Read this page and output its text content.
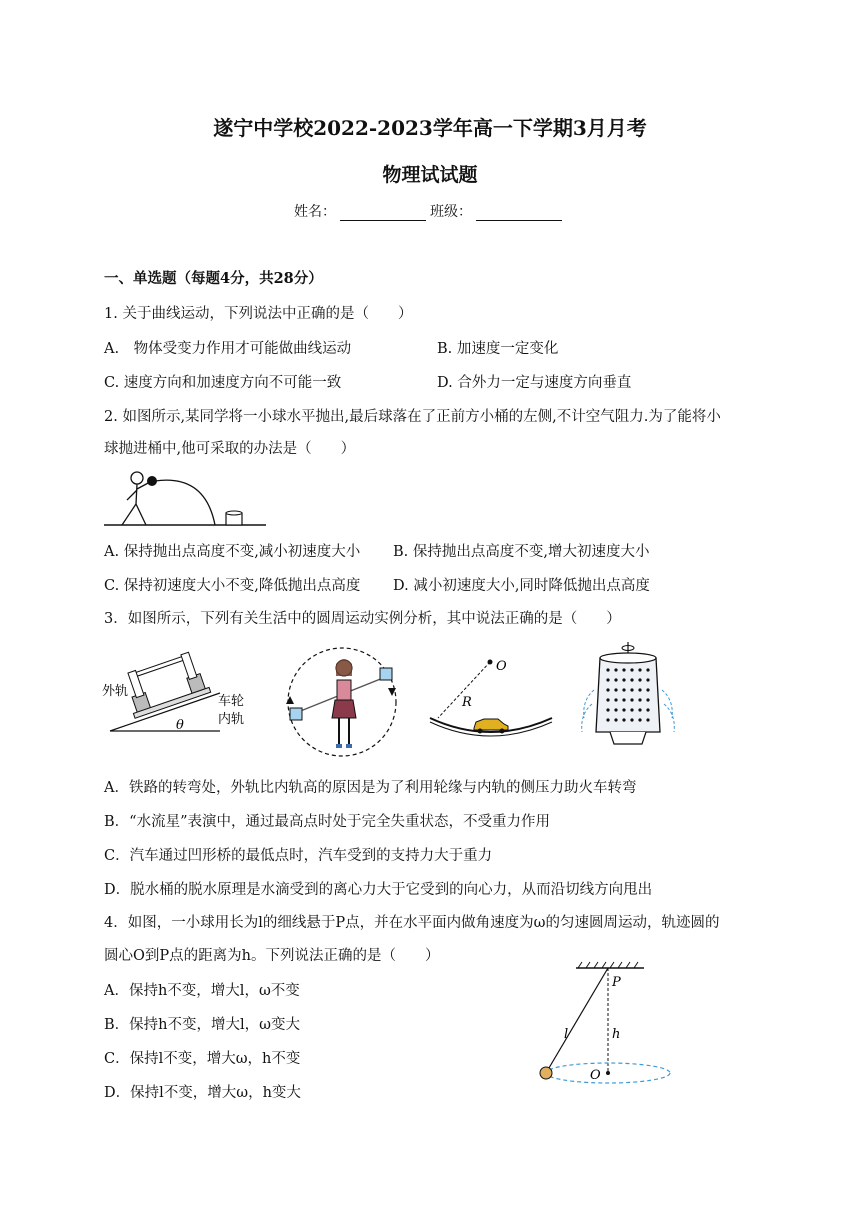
遂宁中学校2022-2023学年高一下学期3月月考
物理试试题
姓名：	班级：
一、单选题（每题4分，共28分）
1. 关于曲线运动，下列说法中正确的是（　　）
A.　物体受变力作用才可能做曲线运动	B. 加速度一定变化
C. 速度方向和加速度方向不可能一致	D. 合外力一定与速度方向垂直
2. 如图所示,某同学将一小球水平抛出,最后球落在了正前方小桶的左侧,不计空气阻力.为了能将小
球抛进桶中,他可采取的办法是（　　）
A. 保持抛出点高度不变,减小初速度大小 B. 保持抛出点高度不变,增大初速度大小
C. 保持初速度大小不变,降低抛出点高度 D. 减小初速度大小,同时降低抛出点高度
3．如图所示，下列有关生活中的圆周运动实例分析，其中说法正确的是（　　）
外轨
车轮
内轨
θ
O
R
A．铁路的转弯处，外轨比内轨高的原因是为了利用轮缘与内轨的侧压力助火车转弯
B．“水流星”表演中，通过最高点时处于完全失重状态，不受重力作用
C．汽车通过凹形桥的最低点时，汽车受到的支持力大于重力
D．脱水桶的脱水原理是水滴受到的离心力大于它受到的向心力，从而沿切线方向甩出
4．如图，一小球用长为l的细线悬于P点，并在水平面内做角速度为ω的匀速圆周运动，轨迹圆的
圆心O到P点的距离为h。下列说法正确的是（　　）
A．保持h不变，增大l，ω不变
B．保持h不变，增大l，ω变大
C．保持l不变，增大ω，h不变
D．保持l不变，增大ω，h变大
P
l	h
O
